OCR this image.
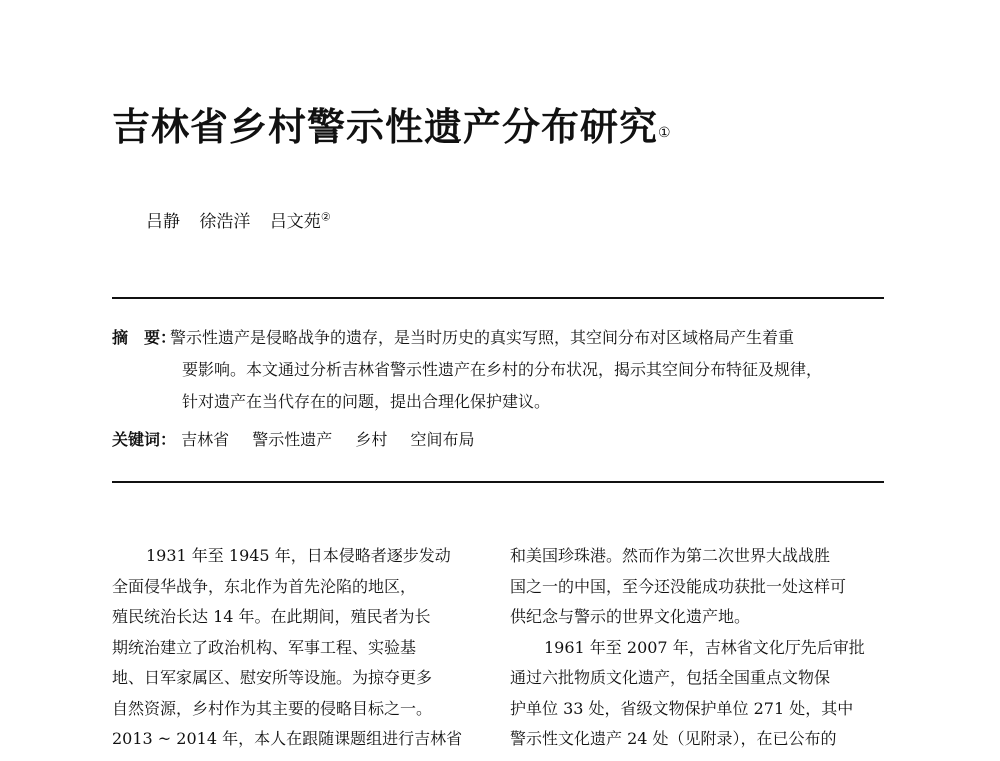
吉林省乡村警示性遗产分布研究①
吕静 徐浩洋 吕文苑②
摘　要：
警示性遗产是侵略战争的遗存，是当时历史的真实写照，其空间分布对区域格局产生着重
要影响。本文通过分析吉林省警示性遗产在乡村的分布状况，揭示其空间分布特征及规律，
针对遗产在当代存在的问题，提出合理化保护建议。
关键词： 吉林省 警示性遗产 乡村 空间布局
1931 年至 1945 年，日本侵略者逐步发动
全面侵华战争，东北作为首先沦陷的地区，
殖民统治长达 14 年。在此期间，殖民者为长
期统治建立了政治机构、军事工程、实验基
地、日军家属区、慰安所等设施。为掠夺更多
自然资源，乡村作为其主要的侵略目标之一。
2013 ~ 2014 年，本人在跟随课题组进行吉林省
和美国珍珠港。然而作为第二次世界大战战胜
国之一的中国，至今还没能成功获批一处这样可
供纪念与警示的世界文化遗产地。
1961 年至 2007 年，吉林省文化厅先后审批
通过六批物质文化遗产，包括全国重点文物保
护单位 33 处，省级文物保护单位 271 处，其中
警示性文化遗产 24 处（见附录），在已公布的
